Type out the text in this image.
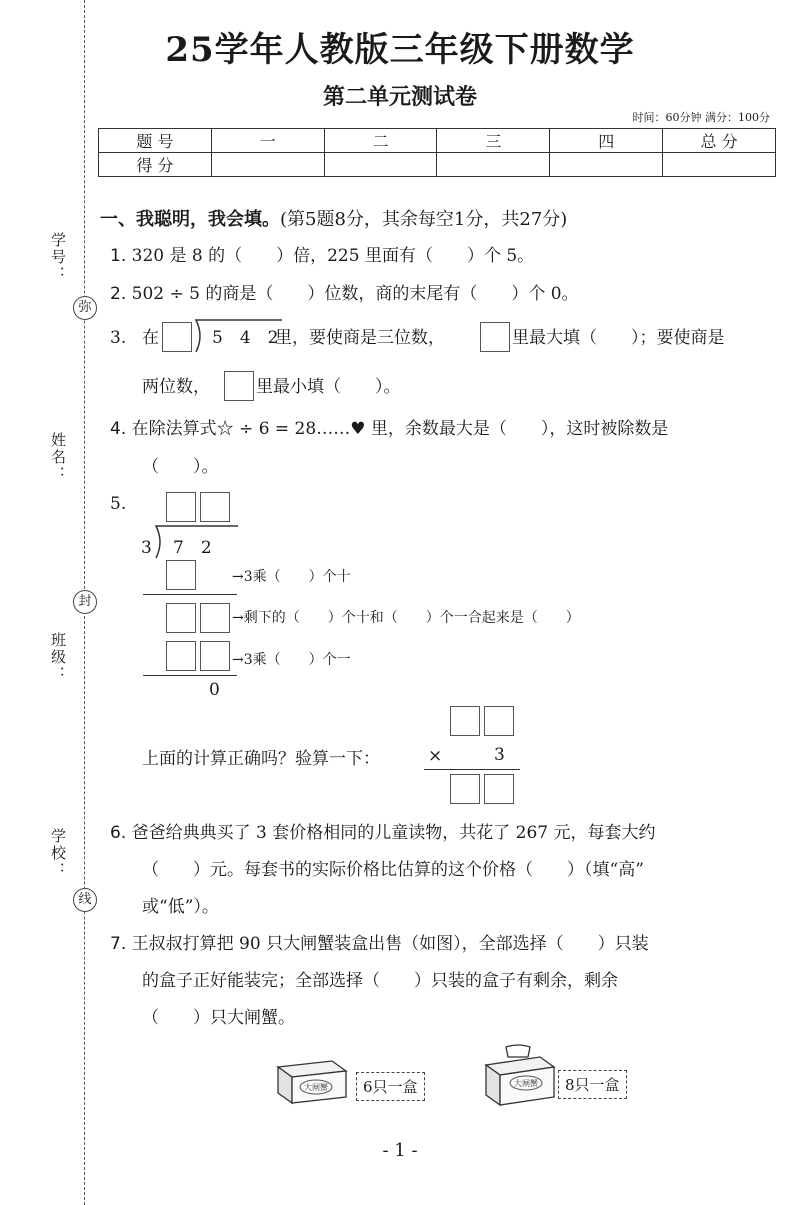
学号：
姓名：
班级：
学校：
弥
封
线
25学年人教版三年级下册数学
第二单元测试卷
时间：60分钟 满分：100分
题 号	一	二	三	四	总 分
得 分					
一、我聪明，我会填。(第5题8分，其余每空1分，共27分)
1. 320 是 8 的（　　）倍，225 里面有（　　）个 5。
2. 502 ÷ 5 的商是（　　）位数，商的末尾有（　　）个 0。
3. 在	5　4　2
里，要使商是三位数，	里最大填（　　）；要使商是
两位数，	里最小填（　　）。
4. 在除法算式☆ ÷ 6 = 28……♥ 里，余数最大是（　　），这时被除数是
（　　）。
5.
3 7　2
→3乘（　　）个十
→剩下的（　　）个十和（　　）个一合起来是（　　）
→3乘（　　）个一
0
上面的计算正确吗？验算一下：	×	3
6. 爸爸给典典买了 3 套价格相同的儿童读物，共花了 267 元，每套大约
（　　）元。每套书的实际价格比估算的这个价格（　　）（填“高”
或“低”）。
7. 王叔叔打算把 90 只大闸蟹装盒出售（如图），全部选择（　　）只装
的盒子正好能装完；全部选择（　　）只装的盒子有剩余，剩余
（　　）只大闸蟹。
大闸蟹	6只一盒	大闸蟹	8只一盒
- 1 -
